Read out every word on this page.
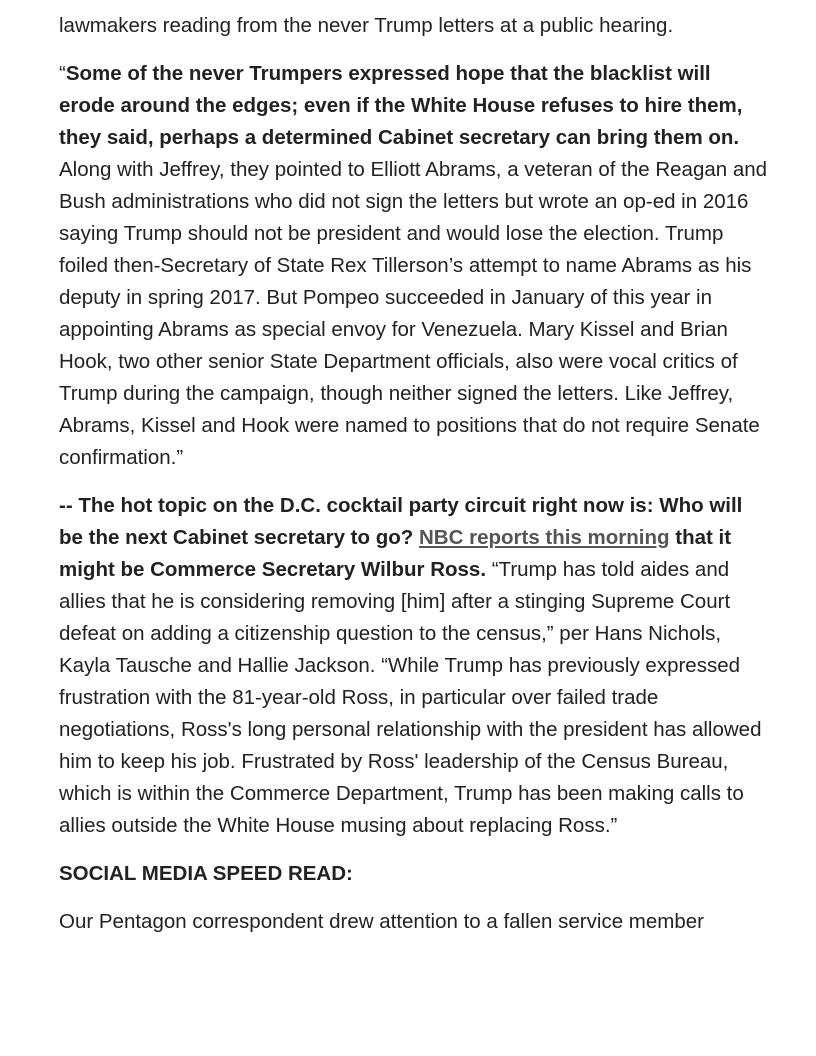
lawmakers reading from the never Trump letters at a public hearing.

“Some of the never Trumpers expressed hope that the blacklist will erode around the edges; even if the White House refuses to hire them, they said, perhaps a determined Cabinet secretary can bring them on. Along with Jeffrey, they pointed to Elliott Abrams, a veteran of the Reagan and Bush administrations who did not sign the letters but wrote an op-ed in 2016 saying Trump should not be president and would lose the election. Trump foiled then-Secretary of State Rex Tillerson’s attempt to name Abrams as his deputy in spring 2017. But Pompeo succeeded in January of this year in appointing Abrams as special envoy for Venezuela. Mary Kissel and Brian Hook, two other senior State Department officials, also were vocal critics of Trump during the campaign, though neither signed the letters. Like Jeffrey, Abrams, Kissel and Hook were named to positions that do not require Senate confirmation.”

-- The hot topic on the D.C. cocktail party circuit right now is: Who will be the next Cabinet secretary to go? NBC reports this morning that it might be Commerce Secretary Wilbur Ross. “Trump has told aides and allies that he is considering removing [him] after a stinging Supreme Court defeat on adding a citizenship question to the census,” per Hans Nichols, Kayla Tausche and Hallie Jackson. “While Trump has previously expressed frustration with the 81-year-old Ross, in particular over failed trade negotiations, Ross's long personal relationship with the president has allowed him to keep his job. Frustrated by Ross' leadership of the Census Bureau, which is within the Commerce Department, Trump has been making calls to allies outside the White House musing about replacing Ross.”

SOCIAL MEDIA SPEED READ:

Our Pentagon correspondent drew attention to a fallen service member
